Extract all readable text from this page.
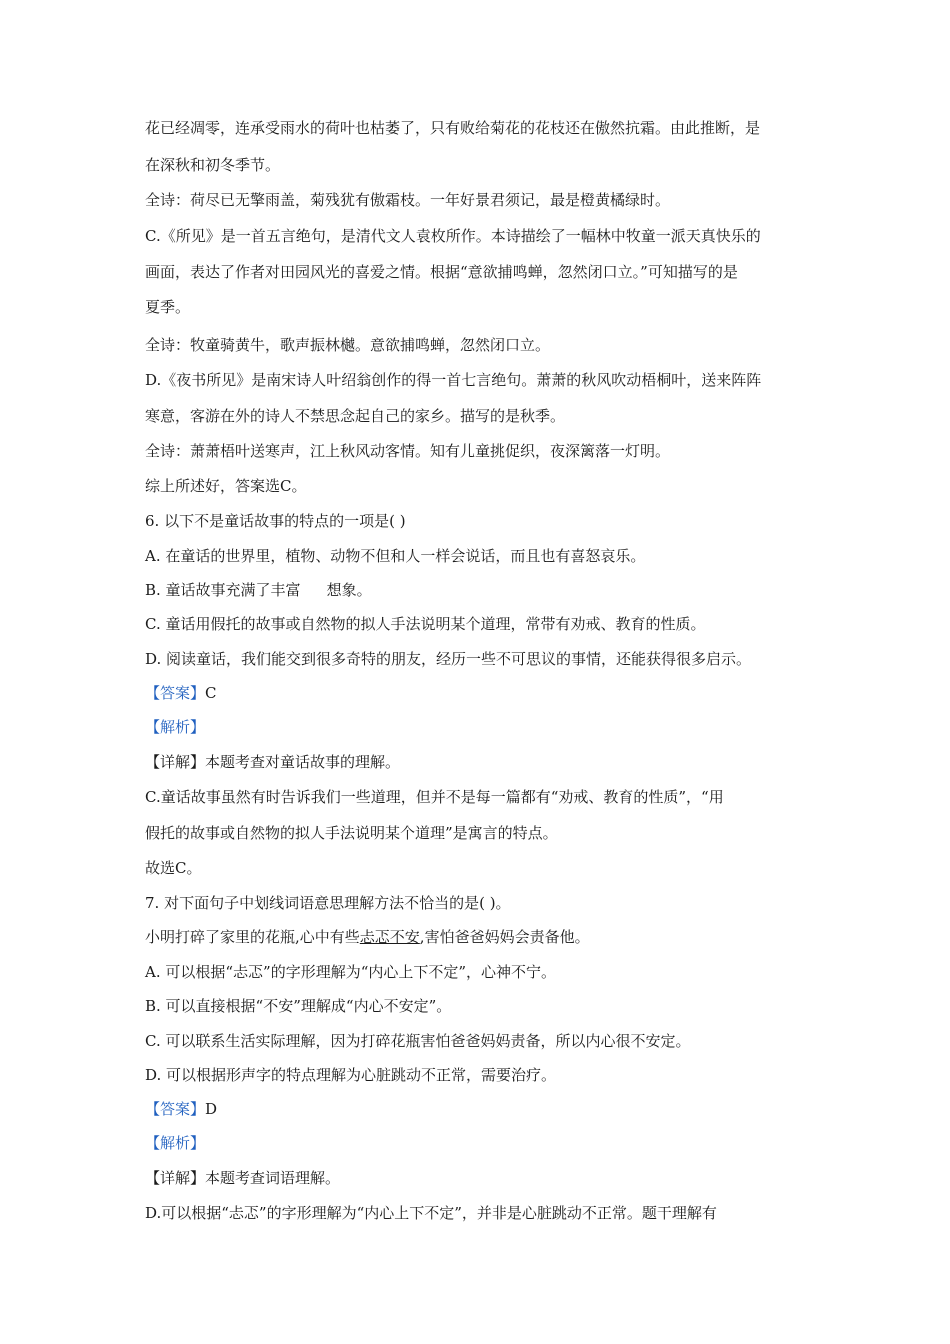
花已经凋零，连承受雨水的荷叶也枯萎了，只有败给菊花的花枝还在傲然抗霜。由此推断，是
在深秋和初冬季节。
全诗：荷尽已无擎雨盖，菊残犹有傲霜枝。一年好景君须记，最是橙黄橘绿时。
C.《所见》是一首五言绝句，是清代文人袁枚所作。本诗描绘了一幅林中牧童一派天真快乐的
画面，表达了作者对田园风光的喜爱之情。根据“意欲捕鸣蝉，忽然闭口立。”可知描写的是
夏季。
全诗：牧童骑黄牛，歌声振林樾。意欲捕鸣蝉，忽然闭口立。
D.《夜书所见》是南宋诗人叶绍翁创作的得一首七言绝句。萧萧的秋风吹动梧桐叶，送来阵阵
寒意，客游在外的诗人不禁思念起自己的家乡。描写的是秋季。
全诗：萧萧梧叶送寒声，江上秋风动客情。知有儿童挑促织，夜深篱落一灯明。
综上所述好，答案选C。
6. 以下不是童话故事的特点的一项是( )
A. 在童话的世界里，植物、动物不但和人一样会说话，而且也有喜怒哀乐。
B. 童话故事充满了丰富 想象。
C. 童话用假托的故事或自然物的拟人手法说明某个道理，常带有劝戒、教育的性质。
D. 阅读童话，我们能交到很多奇特的朋友，经历一些不可思议的事情，还能获得很多启示。
【答案】C
【解析】
【详解】本题考查对童话故事的理解。
C.童话故事虽然有时告诉我们一些道理，但并不是每一篇都有“劝戒、教育的性质”，“用
假托的故事或自然物的拟人手法说明某个道理”是寓言的特点。
故选C。
7. 对下面句子中划线词语意思理解方法不恰当的是( )。
小明打碎了家里的花瓶,心中有些忐忑不安,害怕爸爸妈妈会责备他。
A. 可以根据“忐忑”的字形理解为“内心上下不定”，心神不宁。
B. 可以直接根据“不安”理解成“内心不安定”。
C. 可以联系生活实际理解，因为打碎花瓶害怕爸爸妈妈责备，所以内心很不安定。
D. 可以根据形声字的特点理解为心脏跳动不正常，需要治疗。
【答案】D
【解析】
【详解】本题考查词语理解。
D.可以根据“忐忑”的字形理解为“内心上下不定”，并非是心脏跳动不正常。题干理解有
